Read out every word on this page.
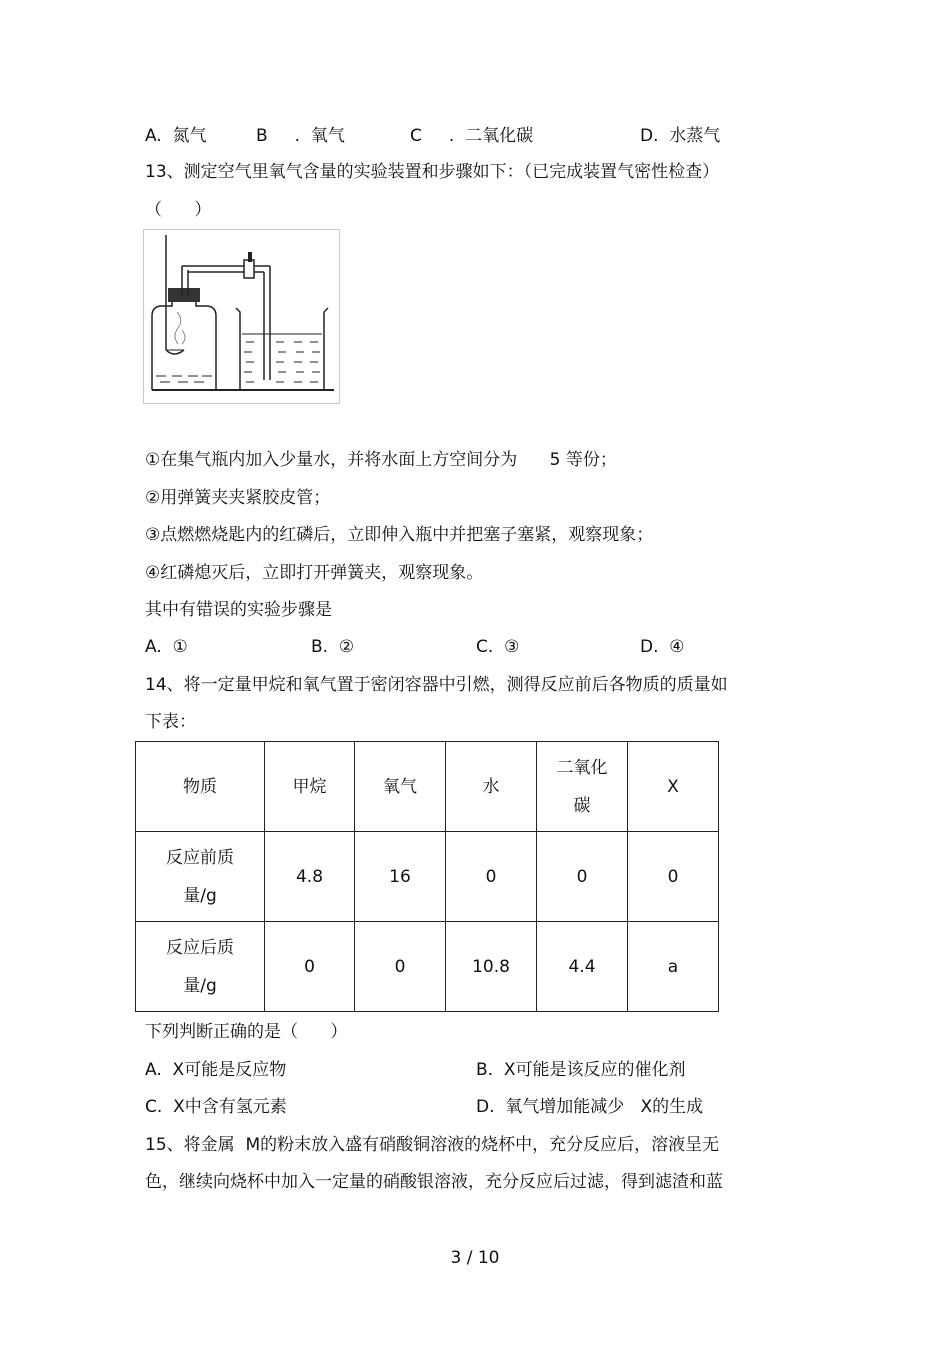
A.  氮气	B     .  氧气	C     .  二氧化碳	D.  水蒸气
13、测定空气里氧气含量的实验装置和步骤如下：（已完成装置气密性检查）
（      ）
①在集气瓶内加入少量水，并将水面上方空间分为      5 等份；
②用弹簧夹夹紧胶皮管；
③点燃燃烧匙内的红磷后，立即伸入瓶中并把塞子塞紧，观察现象；
④红磷熄灭后，立即打开弹簧夹，观察现象。
其中有错误的实验步骤是
A.  ①	B.  ②	C.  ③	D.  ④
14、将一定量甲烷和氧气置于密闭容器中引燃，测得反应前后各物质的质量如
下表：
物质	甲烷	氧气	水	二氧化碳	X
反应前质量/g	4.8	16	0	0	0
反应后质量/g	0	0	10.8	4.4	a
下列判断正确的是（      ）
A.  X可能是反应物	B.  X可能是该反应的催化剂
C.  X中含有氢元素	D.  氧气增加能减少   X的生成
15、将金属  M的粉末放入盛有硝酸铜溶液的烧杯中，充分反应后，溶液呈无
色，继续向烧杯中加入一定量的硝酸银溶液，充分反应后过滤，得到滤渣和蓝
3 / 10
